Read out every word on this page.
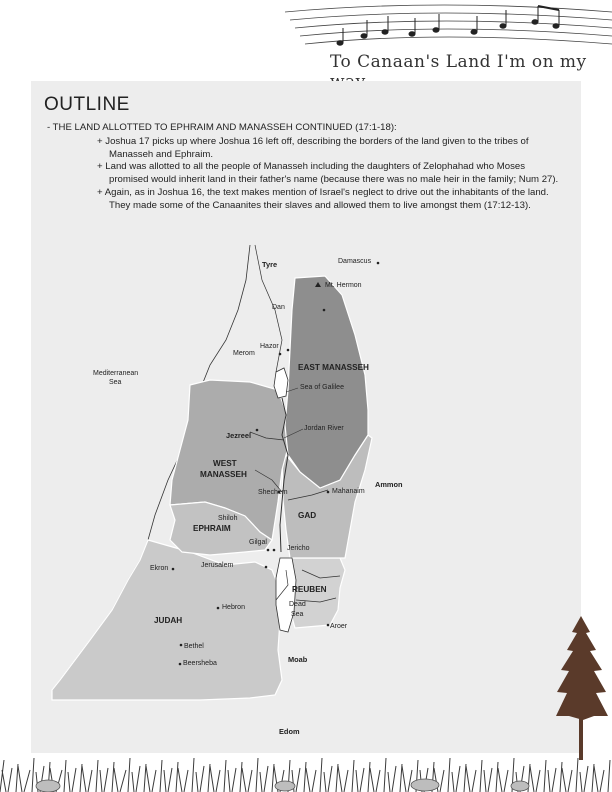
To Canaan's Land I'm on my
OUTLINE

- THE LAND ALLOTTED TO EPHRAIM AND MANASSEH CONTINUED (17:1-18):

+ Joshua 17 picks up where Joshua 16 left off, describing the borders of the land given to the tribes of Manasseh and Ephraim.

+ Land was allotted to all the people of Manasseh including the daughters of Zelophahad who Moses promised would inherit land in their father's name (because there was no male heir in the family; Num 27).

+ Again, as in Joshua 16, the text makes mention of Israel's neglect to drive out the inhabitants of the land. They made some of the Canaanites their slaves and allowed them to live amongst them (17:12-13).

Tyre	Damascus
Mt. Hermon
Dan
Hazor
Merom
EAST MANASSEH
Mediterranean
Sea
Sea of Galilee
Jezreel
Jordan River
WEST
MANASSEH
Ammon
Mahanaim
Shechem
GAD
Shiloh
EPHRAIM
Gilgal
Jericho
Ekron	Jerusalem
REUBEN
Dead
Sea
Hebron
JUDAH
Aroer
Bethel
Beersheba	Moab
Edom
